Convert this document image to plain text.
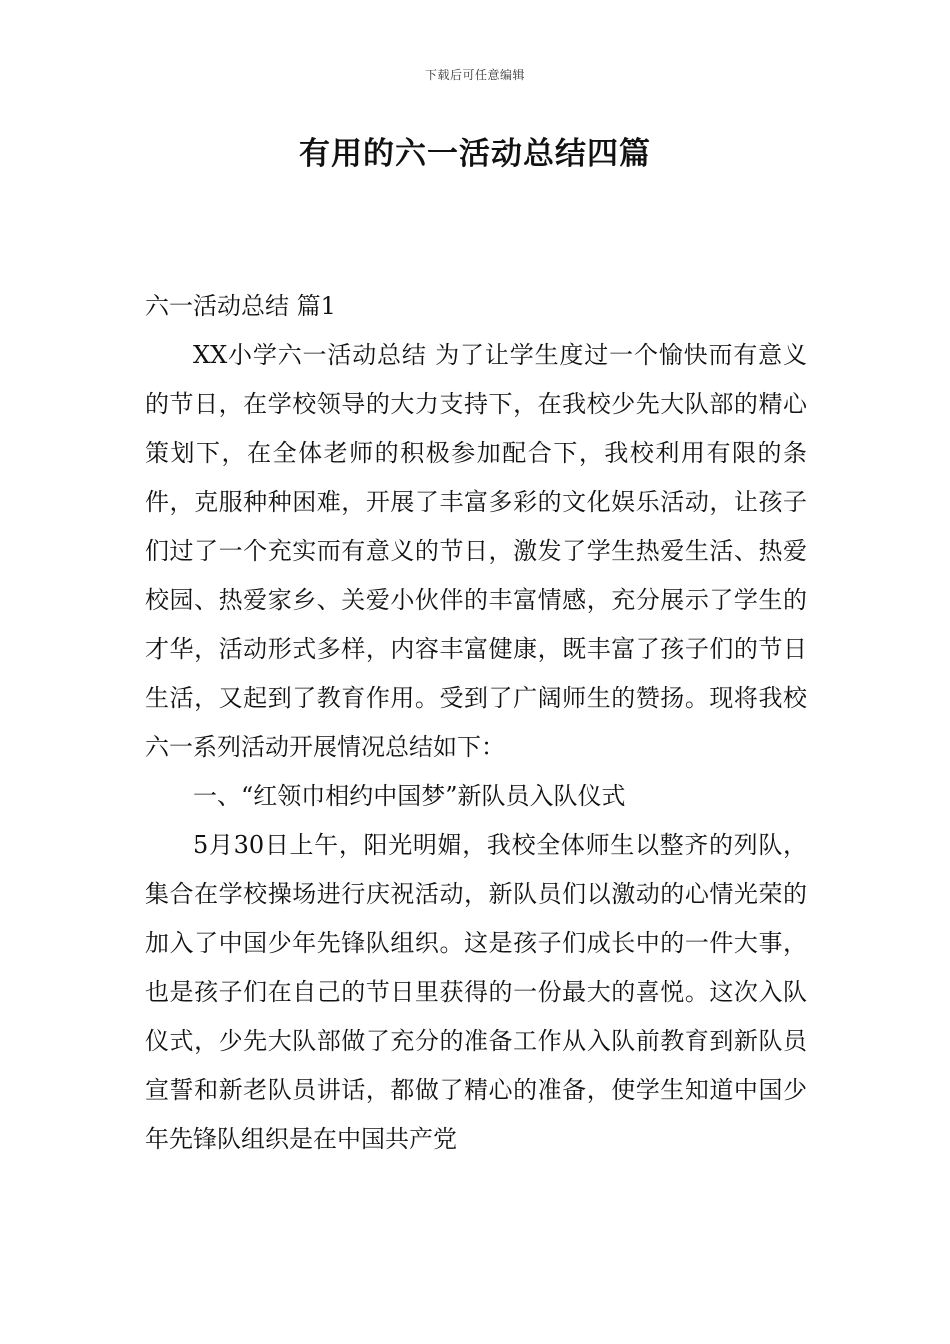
下载后可任意编辑
有用的六一活动总结四篇

六一活动总结 篇1

XX小学六一活动总结 为了让学生度过一个愉快而有意义的节日，在学校领导的大力支持下，在我校少先大队部的精心策划下，在全体老师的积极参加配合下，我校利用有限的条件，克服种种困难，开展了丰富多彩的文化娱乐活动，让孩子们过了一个充实而有意义的节日，激发了学生热爱生活、热爱校园、热爱家乡、关爱小伙伴的丰富情感，充分展示了学生的才华，活动形式多样，内容丰富健康，既丰富了孩子们的节日生活，又起到了教育作用。受到了广阔师生的赞扬。现将我校六一系列活动开展情况总结如下：

一、“红领巾相约中国梦”新队员入队仪式

5月30日上午，阳光明媚，我校全体师生以整齐的列队，集合在学校操场进行庆祝活动，新队员们以激动的心情光荣的加入了中国少年先锋队组织。这是孩子们成长中的一件大事，也是孩子们在自己的节日里获得的一份最大的喜悦。这次入队仪式，少先大队部做了充分的准备工作从入队前教育到新队员宣誓和新老队员讲话，都做了精心的准备，使学生知道中国少年先锋队组织是在中国共产党
